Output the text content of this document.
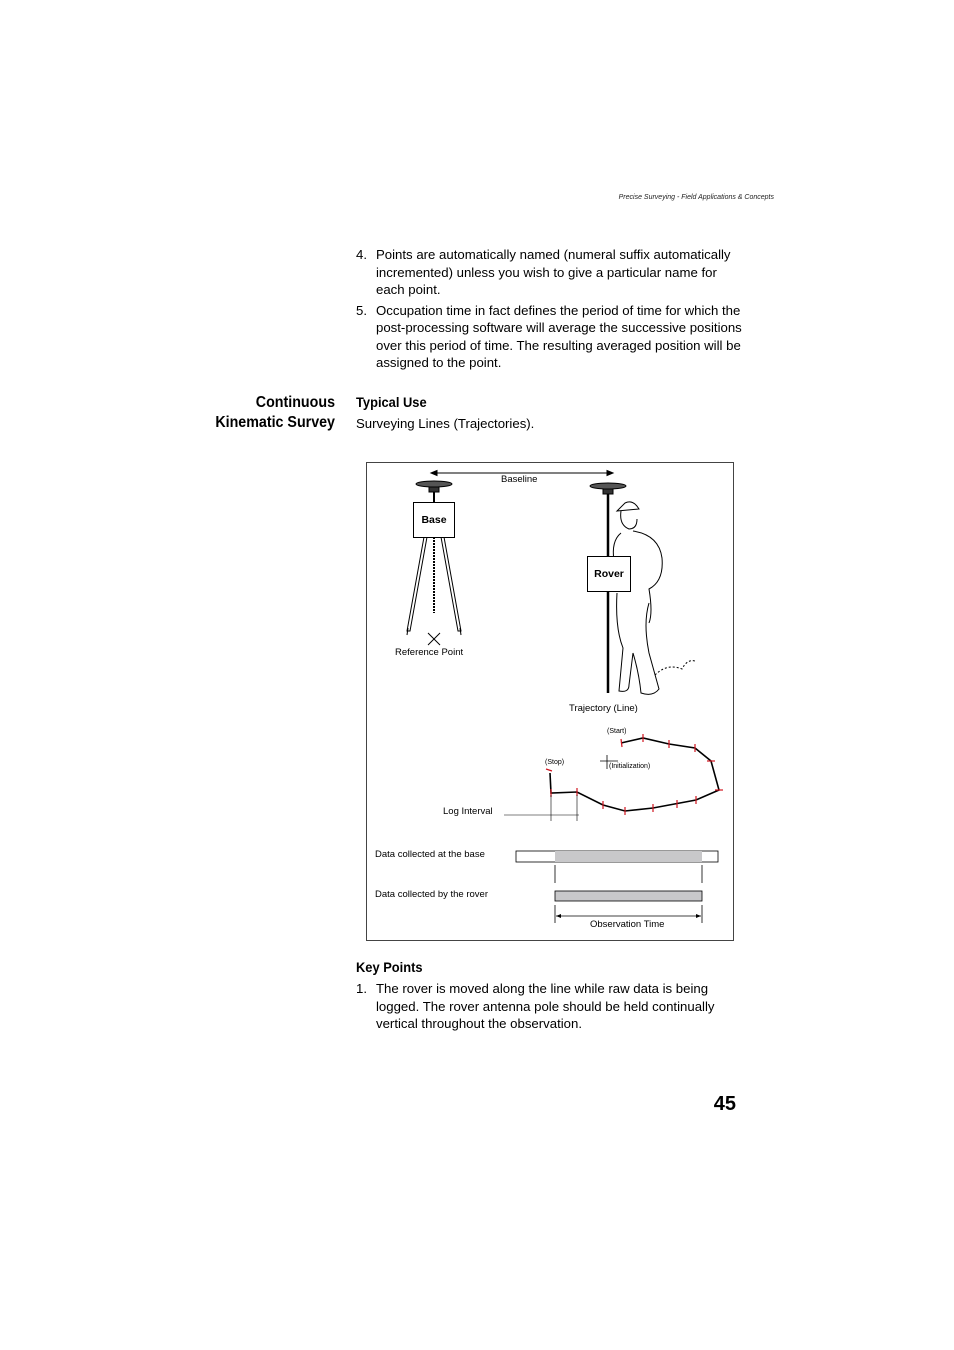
Precise Surveying - Field Applications & Concepts
4. Points are automatically named (numeral suffix automatically incremented) unless you wish to give a particular name for each point.
5. Occupation time in fact defines the period of time for which the post-processing software will average the successive positions over this period of time. The resulting averaged position will be assigned to the point.
Continuous
Kinematic Survey
Typical Use
Surveying Lines (Trajectories).
Baseline
Base
Rover
Reference Point
Trajectory (Line)
(Start)
(Stop)
(Initialization)
Log Interval
Data collected at the base
Data collected by the rover
Observation Time
Key Points
1. The rover is moved along the line while raw data is being logged. The rover antenna pole should be held continually vertical throughout the observation.
45
